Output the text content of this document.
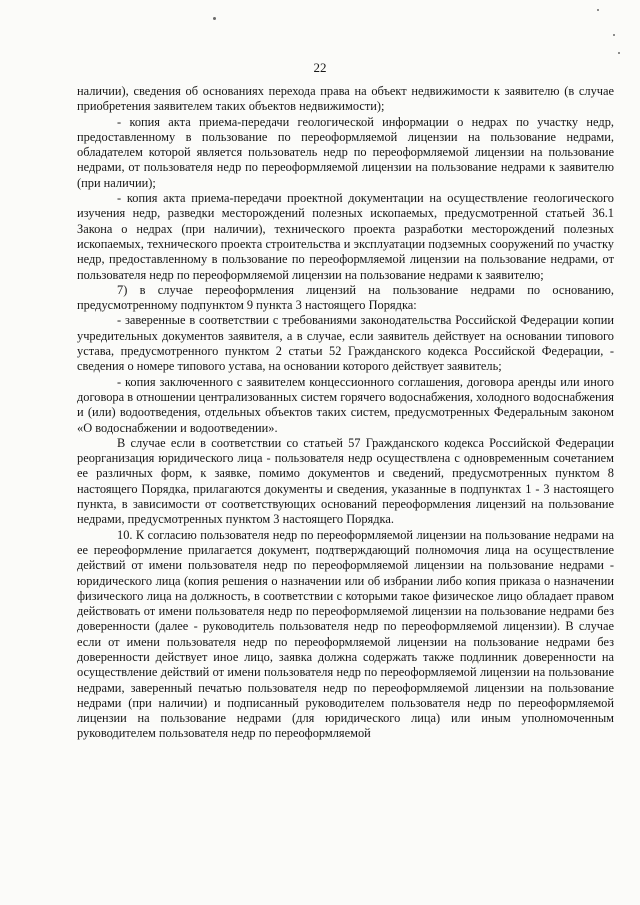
22

наличии), сведения об основаниях перехода права на объект недвижимости к заявителю (в случае приобретения заявителем таких объектов недвижимости);

- копия акта приема-передачи геологической информации о недрах по участку недр, предоставленному в пользование по переоформляемой лицензии на пользование недрами, обладателем которой является пользователь недр по переоформляемой лицензии на пользование недрами, от пользователя недр по переоформляемой лицензии на пользование недрами к заявителю (при наличии);

- копия акта приема-передачи проектной документации на осуществление геологического изучения недр, разведки месторождений полезных ископаемых, предусмотренной статьей 36.1 Закона о недрах (при наличии), технического проекта разработки месторождений полезных ископаемых, технического проекта строительства и эксплуатации подземных сооружений по участку недр, предоставленному в пользование по переоформляемой лицензии на пользование недрами, от пользователя недр по переоформляемой лицензии на пользование недрами к заявителю;

7) в случае переоформления лицензий на пользование недрами по основанию, предусмотренному подпунктом 9 пункта 3 настоящего Порядка:

- заверенные в соответствии с требованиями законодательства Российской Федерации копии учредительных документов заявителя, а в случае, если заявитель действует на основании типового устава, предусмотренного пунктом 2 статьи 52 Гражданского кодекса Российской Федерации, - сведения о номере типового устава, на основании которого действует заявитель;

- копия заключенного с заявителем концессионного соглашения, договора аренды или иного договора в отношении централизованных систем горячего водоснабжения, холодного водоснабжения и (или) водоотведения, отдельных объектов таких систем, предусмотренных Федеральным законом «О водоснабжении и водоотведении».

В случае если в соответствии со статьей 57 Гражданского кодекса Российской Федерации реорганизация юридического лица - пользователя недр осуществлена с одновременным сочетанием ее различных форм, к заявке, помимо документов и сведений, предусмотренных пунктом 8 настоящего Порядка, прилагаются документы и сведения, указанные в подпунктах 1 - 3 настоящего пункта, в зависимости от соответствующих оснований переоформления лицензий на пользование недрами, предусмотренных пунктом 3 настоящего Порядка.

10. К согласию пользователя недр по переоформляемой лицензии на пользование недрами на ее переоформление прилагается документ, подтверждающий полномочия лица на осуществление действий от имени пользователя недр по переоформляемой лицензии на пользование недрами - юридического лица (копия решения о назначении или об избрании либо копия приказа о назначении физического лица на должность, в соответствии с которыми такое физическое лицо обладает правом действовать от имени пользователя недр по переоформляемой лицензии на пользование недрами без доверенности (далее - руководитель пользователя недр по переоформляемой лицензии). В случае если от имени пользователя недр по переоформляемой лицензии на пользование недрами без доверенности действует иное лицо, заявка должна содержать также подлинник доверенности на осуществление действий от имени пользователя недр по переоформляемой лицензии на пользование недрами, заверенный печатью пользователя недр по переоформляемой лицензии на пользование недрами (при наличии) и подписанный руководителем пользователя недр по переоформляемой лицензии на пользование недрами (для юридического лица) или иным уполномоченным руководителем пользователя недр по переоформляемой
